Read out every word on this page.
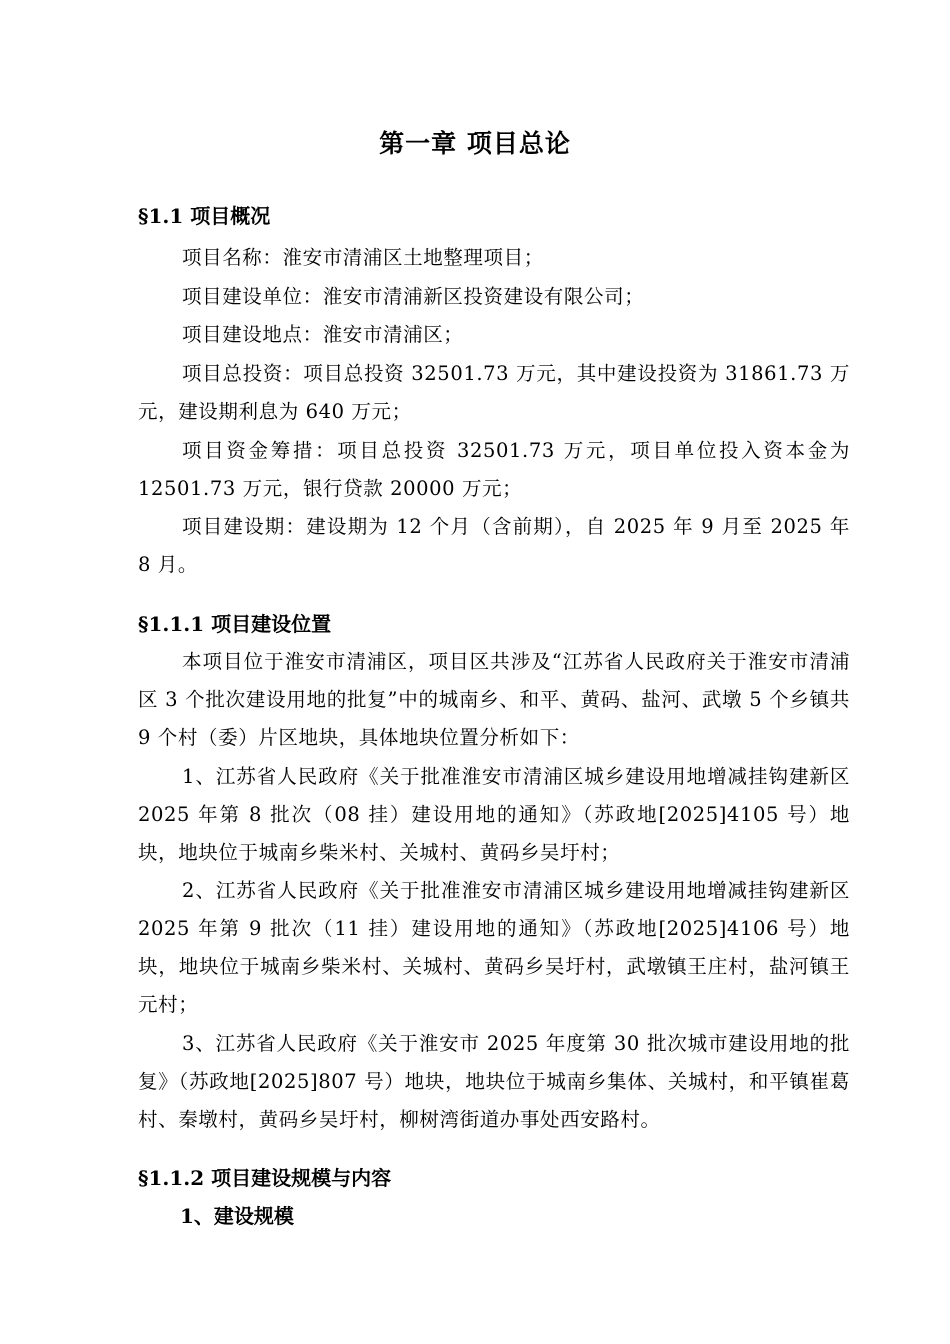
第一章 项目总论
§1.1 项目概况
项目名称：淮安市清浦区土地整理项目；
项目建设单位：淮安市清浦新区投资建设有限公司；
项目建设地点：淮安市清浦区；
项目总投资：项目总投资 32501.73 万元，其中建设投资为 31861.73 万元，建设期利息为 640 万元；
项目资金筹措：项目总投资 32501.73 万元，项目单位投入资本金为 12501.73 万元，银行贷款 20000 万元；
项目建设期：建设期为 12 个月（含前期），自 2025 年 9 月至 2025 年 8 月。
§1.1.1 项目建设位置
本项目位于淮安市清浦区，项目区共涉及“江苏省人民政府关于淮安市清浦区 3 个批次建设用地的批复”中的城南乡、和平、黄码、盐河、武墩 5 个乡镇共 9 个村（委）片区地块，具体地块位置分析如下：
1、江苏省人民政府《关于批准淮安市清浦区城乡建设用地增减挂钩建新区 2025 年第 8 批次（08 挂）建设用地的通知》（苏政地[2025]4105 号）地块，地块位于城南乡柴米村、关城村、黄码乡吴圩村；
2、江苏省人民政府《关于批准淮安市清浦区城乡建设用地增减挂钩建新区 2025 年第 9 批次（11 挂）建设用地的通知》（苏政地[2025]4106 号）地块，地块位于城南乡柴米村、关城村、黄码乡吴圩村，武墩镇王庄村，盐河镇王元村；
3、江苏省人民政府《关于淮安市 2025 年度第 30 批次城市建设用地的批复》（苏政地[2025]807 号）地块，地块位于城南乡集体、关城村，和平镇崔葛村、秦墩村，黄码乡吴圩村，柳树湾街道办事处西安路村。
§1.1.2 项目建设规模与内容
1、建设规模
